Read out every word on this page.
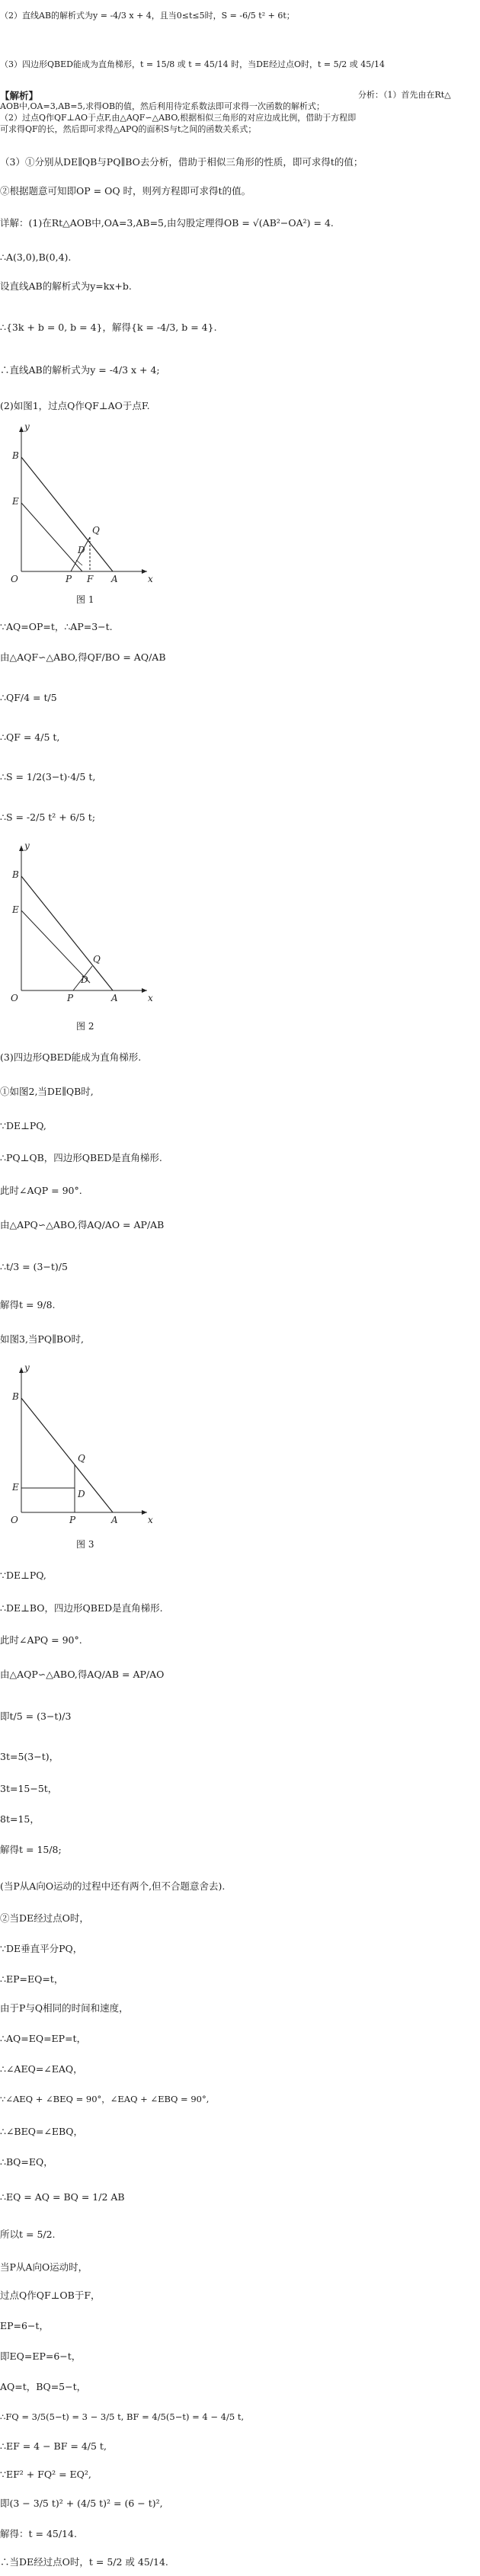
（2）直线AB的解析式为y = -4/3 x + 4，且当0≤t≤5时，S = -6/5 t² + 6t；
（3）四边形QBED能成为直角梯形，t = 15/8 或 t = 45/14 时，当DE经过点O时，t = 5/2 或 45/14
【解析】	分析：（1）首先由在Rt△
AOB中,OA=3,AB=5,求得OB的值，然后利用待定系数法即可求得一次函数的解析式；
（2）过点Q作QF⊥AO于点F,由△AQF∽△ABO,根据相似三角形的对应边成比例，借助于方程即
可求得QF的长，然后即可求得△APQ的面积S与t之间的函数关系式；
（3）①分别从DE∥QB与PQ∥BO去分析，借助于相似三角形的性质，即可求得t的值；
②根据题意可知即OP = OQ 时，则列方程即可求得t的值。
详解：(1)在Rt△AOB中,OA=3,AB=5,由勾股定理得OB = √(AB²−OA²) = 4.
∴A(3,0),B(0,4).
设直线AB的解析式为y=kx+b.
∴{3k + b = 0, b = 4}，解得{k = -4/3, b = 4}.
∴直线AB的解析式为y = -4/3 x + 4;
(2)如图1，过点Q作QF⊥AO于点F.
B
E
Q
D
O	P F A	x
y
图 1
∵AQ=OP=t，∴AP=3−t.
由△AQF∽△ABO,得QF/BO = AQ/AB
∴QF/4 = t/5
∴QF = 4/5 t,
∴S = 1/2(3−t)·4/5 t,
∴S = -2/5 t² + 6/5 t;
B
E
Q
D
O	P	A	x
y
图 2
(3)四边形QBED能成为直角梯形.
①如图2,当DE∥QB时,
∵DE⊥PQ,
∴PQ⊥QB，四边形QBED是直角梯形.
此时∠AQP = 90°.
由△APQ∽△ABO,得AQ/AO = AP/AB
∴t/3 = (3−t)/5
解得t = 9/8.
如图3,当PQ∥BO时,
B
Q
E
D
O	P	A	x
y
图 3
∵DE⊥PQ,
∴DE⊥BO，四边形QBED是直角梯形.
此时∠APQ = 90°.
由△AQP∽△ABO,得AQ/AB = AP/AO
即t/5 = (3−t)/3
3t=5(3−t)，
3t=15−5t，
8t=15，
解得t = 15/8;
(当P从A向O运动的过程中还有两个,但不合题意舍去).
②当DE经过点O时，
∵DE垂直平分PQ，
∴EP=EQ=t，
由于P与Q相同的时间和速度，
∴AQ=EQ=EP=t，
∴∠AEQ=∠EAQ，
∵∠AEQ + ∠BEQ = 90°，∠EAQ + ∠EBQ = 90°,
∴∠BEQ=∠EBQ，
∴BQ=EQ，
∴EQ = AQ = BQ = 1/2 AB
所以t = 5/2.
当P从A向O运动时，
过点Q作QF⊥OB于F，
EP=6−t，
即EQ=EP=6−t，
AQ=t，BQ=5−t，
∴FQ = 3/5(5−t) = 3 − 3/5 t, BF = 4/5(5−t) = 4 − 4/5 t,
∴EF = 4 − BF = 4/5 t,
∵EF² + FQ² = EQ²,
即(3 − 3/5 t)² + (4/5 t)² = (6 − t)²,
解得：t = 45/14.
∴当DE经过点O时，t = 5/2 或 45/14.
